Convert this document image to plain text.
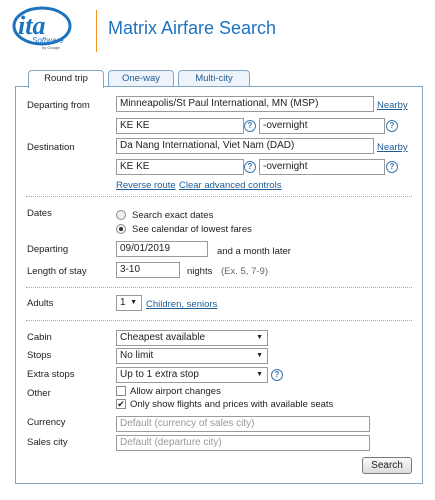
ita
Software
by Google
Matrix Airfare Search
Round trip	One-way	Multi-city
Departing from	Minneapolis/St Paul International, MN (MSP)	Nearby
KE KE	?	-overnight	?
Destination	Da Nang International, Viet Nam (DAD)	Nearby
KE KE	?	-overnight	?
Reverse route Clear advanced controls
Dates	Search exact dates
See calendar of lowest fares
Departing	09/01/2019	and a month later
Length of stay	3-10	nights (Ex. 5, 7-9)
Adults	1 ▼ Children, seniors
Cabin	Cheapest available	▼
Stops	No limit	▼
Extra stops	Up to 1 extra stop	▼	?
Other	Allow airport changes
✔ Only show flights and prices with available seats
Currency	Default (currency of sales city)
Sales city	Default (departure city)
Search
